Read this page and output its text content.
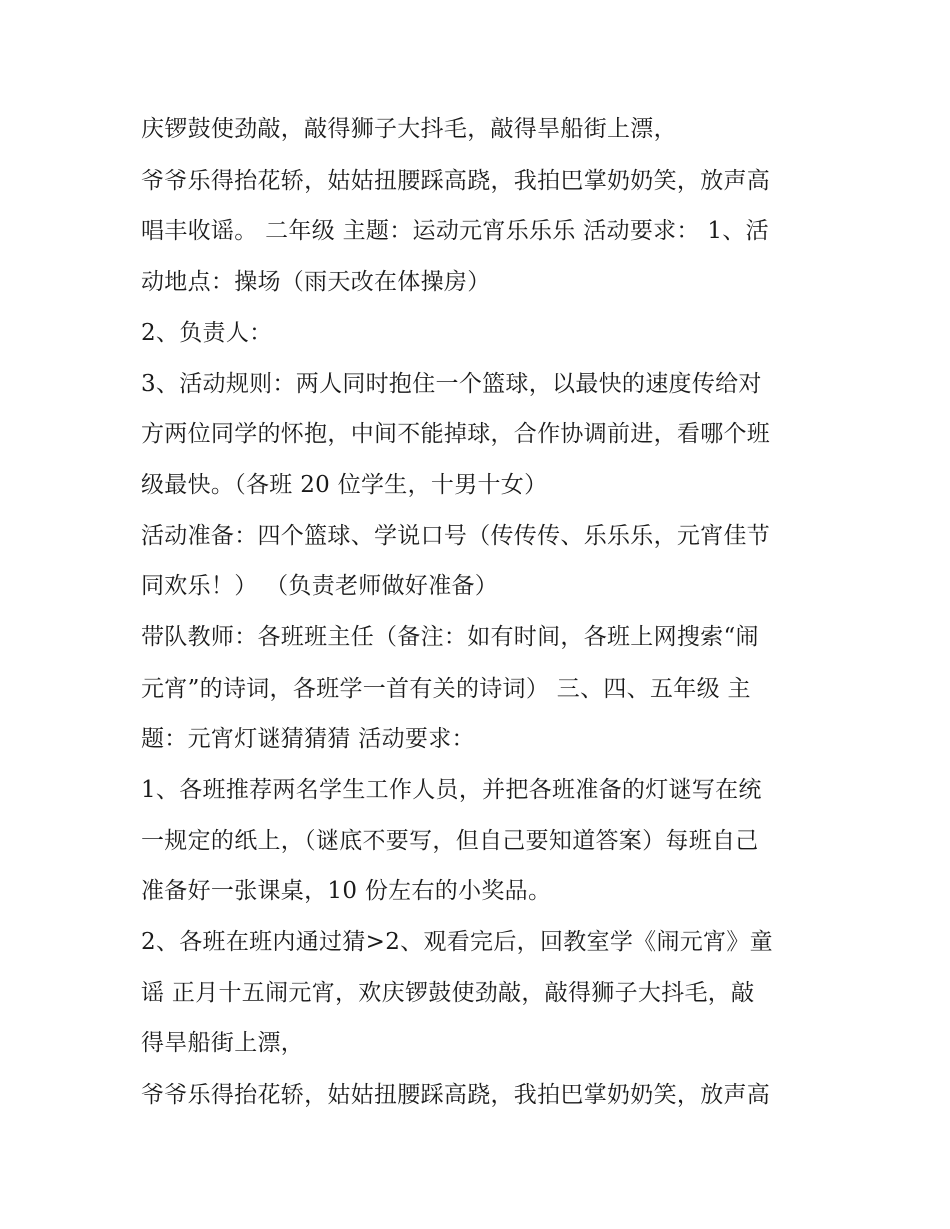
庆锣鼓使劲敲，敲得狮子大抖毛，敲得旱船街上漂，
爷爷乐得抬花轿，姑姑扭腰踩高跷，我拍巴掌奶奶笑，放声高
唱丰收谣。 二年级 主题：运动元宵乐乐乐 活动要求： 1、活
动地点：操场（雨天改在体操房）
2、负责人：
3、活动规则：两人同时抱住一个篮球，以最快的速度传给对
方两位同学的怀抱，中间不能掉球，合作协调前进，看哪个班
级最快。（各班 20 位学生，十男十女）
活动准备：四个篮球、学说口号（传传传、乐乐乐，元宵佳节
同欢乐！） （负责老师做好准备）
带队教师：各班班主任（备注：如有时间，各班上网搜索“闹
元宵”的诗词，各班学一首有关的诗词） 三、四、五年级 主
题：元宵灯谜猜猜猜 活动要求：
1、各班推荐两名学生工作人员，并把各班准备的灯谜写在统
一规定的纸上，（谜底不要写，但自己要知道答案）每班自己
准备好一张课桌，10 份左右的小奖品。
2、各班在班内通过猜>2、观看完后，回教室学《闹元宵》童
谣 正月十五闹元宵，欢庆锣鼓使劲敲，敲得狮子大抖毛，敲
得旱船街上漂，
爷爷乐得抬花轿，姑姑扭腰踩高跷，我拍巴掌奶奶笑，放声高
